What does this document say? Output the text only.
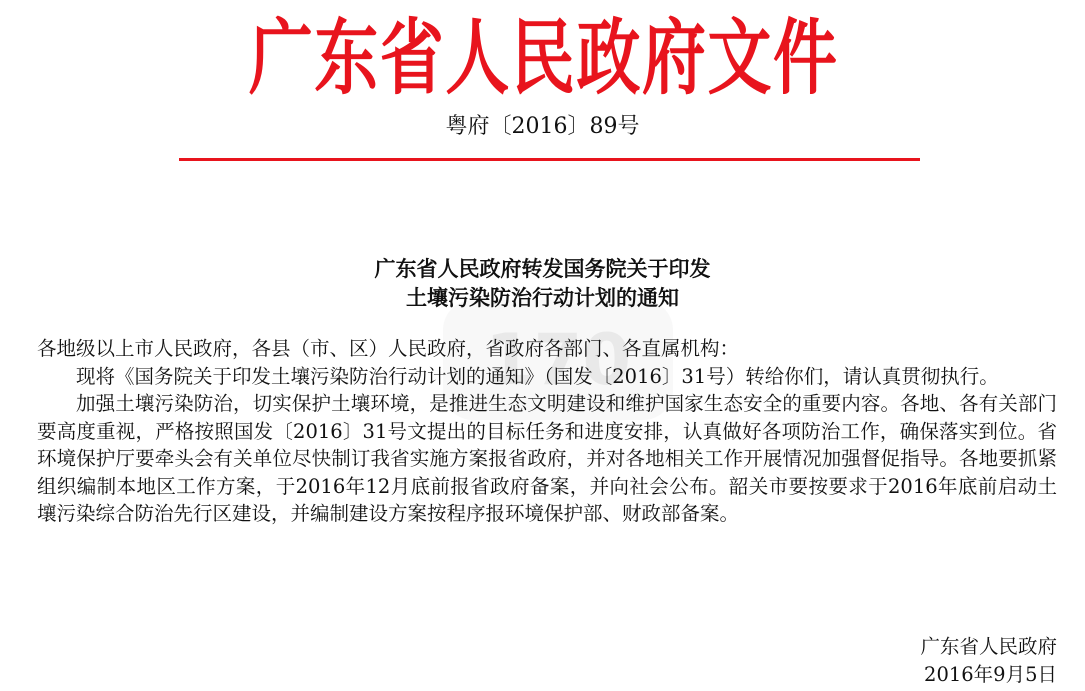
170
广东省人民政府文件
粤府〔2016〕89号
广东省人民政府转发国务院关于印发
土壤污染防治行动计划的通知

各地级以上市人民政府，各县（市、区）人民政府，省政府各部门、各直属机构：

现将《国务院关于印发土壤污染防治行动计划的通知》（国发〔2016〕31号）转给你们，请认真贯彻执行。

加强土壤污染防治，切实保护土壤环境，是推进生态文明建设和维护国家生态安全的重要内容。各地、各有关部门要高度重视，严格按照国发〔2016〕31号文提出的目标任务和进度安排，认真做好各项防治工作，确保落实到位。省环境保护厅要牵头会有关单位尽快制订我省实施方案报省政府，并对各地相关工作开展情况加强督促指导。各地要抓紧组织编制本地区工作方案，于2016年12月底前报省政府备案，并向社会公布。韶关市要按要求于2016年底前启动土壤污染综合防治先行区建设，并编制建设方案按程序报环境保护部、财政部备案。

广东省人民政府
2016年9月5日
